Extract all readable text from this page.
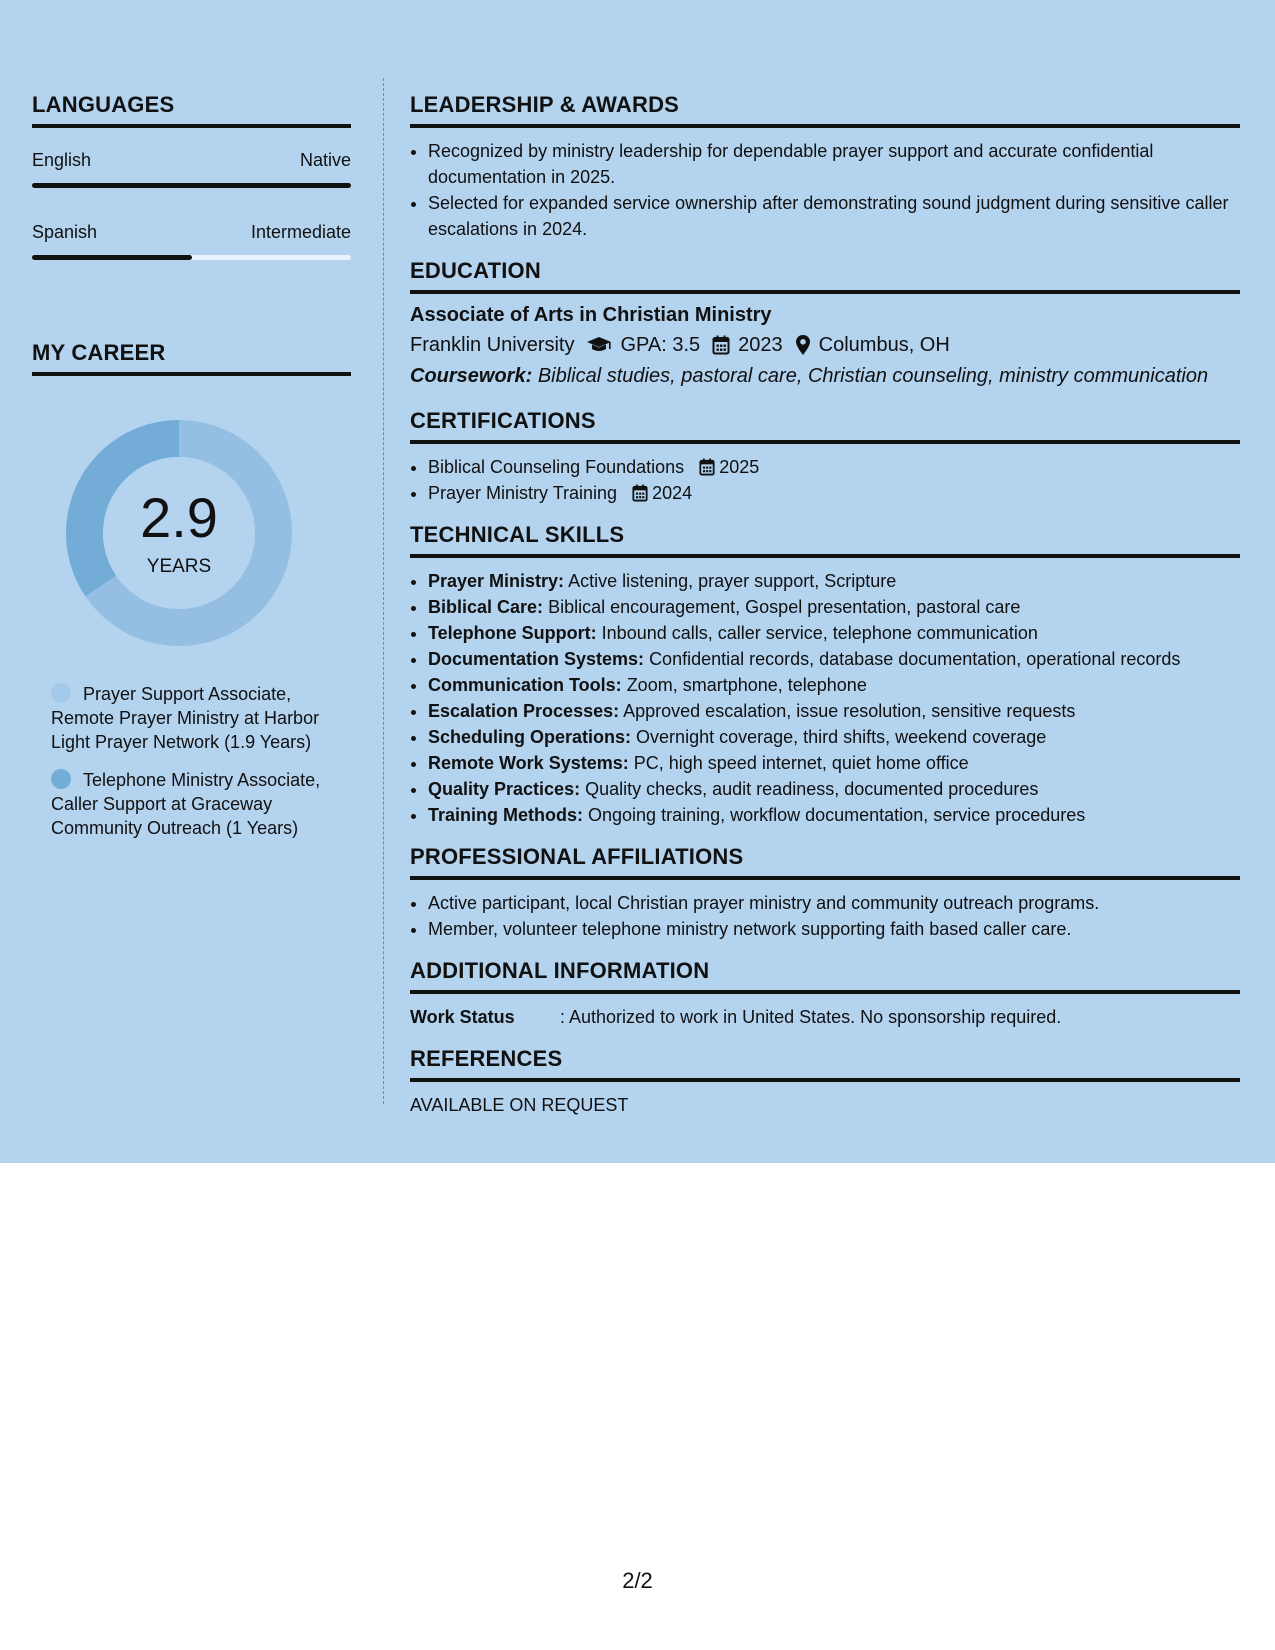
LANGUAGES
English	Native
Spanish	Intermediate
MY CAREER
2.9
YEARS
Prayer Support Associate, Remote Prayer Ministry at Harbor Light Prayer Network (1.9 Years)
Telephone Ministry Associate, Caller Support at Graceway Community Outreach (1 Years)
LEADERSHIP & AWARDS
• Recognized by ministry leadership for dependable prayer support and accurate confidential documentation in 2025.
• Selected for expanded service ownership after demonstrating sound judgment during sensitive caller escalations in 2024.
EDUCATION
Associate of Arts in Christian Ministry
Franklin University GPA: 3.5 2023 Columbus, OH
Coursework: Biblical studies, pastoral care, Christian counseling, ministry communication
CERTIFICATIONS
• Biblical Counseling Foundations 2025
• Prayer Ministry Training 2024
TECHNICAL SKILLS
• Prayer Ministry: Active listening, prayer support, Scripture
• Biblical Care: Biblical encouragement, Gospel presentation, pastoral care
• Telephone Support: Inbound calls, caller service, telephone communication
• Documentation Systems: Confidential records, database documentation, operational records
• Communication Tools: Zoom, smartphone, telephone
• Escalation Processes: Approved escalation, issue resolution, sensitive requests
• Scheduling Operations: Overnight coverage, third shifts, weekend coverage
• Remote Work Systems: PC, high speed internet, quiet home office
• Quality Practices: Quality checks, audit readiness, documented procedures
• Training Methods: Ongoing training, workflow documentation, service procedures
PROFESSIONAL AFFILIATIONS
• Active participant, local Christian prayer ministry and community outreach programs.
• Member, volunteer telephone ministry network supporting faith based caller care.
ADDITIONAL INFORMATION
Work Status	: Authorized to work in United States. No sponsorship required.
REFERENCES
AVAILABLE ON REQUEST
2/2
